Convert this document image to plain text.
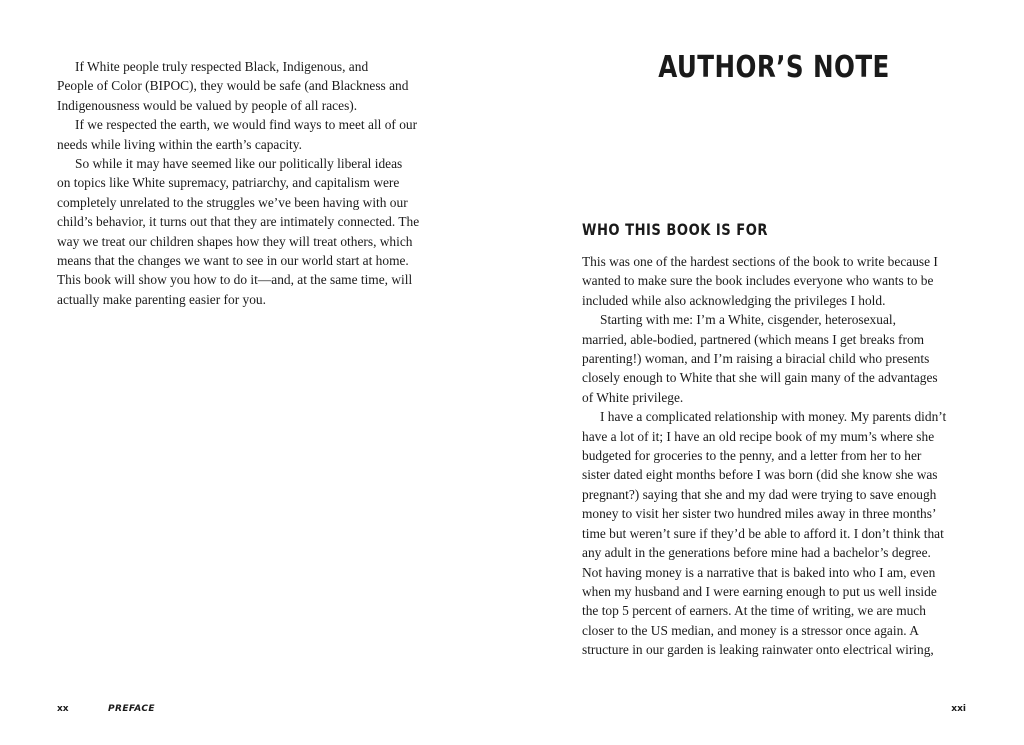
If White people truly respected Black, Indigenous, and
People of Color (BIPOC), they would be safe (and Blackness and
Indigenousness would be valued by people of all races).
If we respected the earth, we would find ways to meet all of our
needs while living within the earth’s capacity.
So while it may have seemed like our politically liberal ideas
on topics like White supremacy, patriarchy, and capitalism were
completely unrelated to the struggles we’ve been having with our
child’s behavior, it turns out that they are intimately connected. The
way we treat our children shapes how they will treat others, which
means that the changes we want to see in our world start at home.
This book will show you how to do it—and, at the same time, will
actually make parenting easier for you.
xx	PREFACE
AUTHOR’S NOTE
WHO THIS BOOK IS FOR
This was one of the hardest sections of the book to write because I
wanted to make sure the book includes everyone who wants to be
included while also acknowledging the privileges I hold.
Starting with me: I’m a White, cisgender, heterosexual,
married, able-bodied, partnered (which means I get breaks from
parenting!) woman, and I’m raising a biracial child who presents
closely enough to White that she will gain many of the advantages
of White privilege.
I have a complicated relationship with money. My parents didn’t
have a lot of it; I have an old recipe book of my mum’s where she
budgeted for groceries to the penny, and a letter from her to her
sister dated eight months before I was born (did she know she was
pregnant?) saying that she and my dad were trying to save enough
money to visit her sister two hundred miles away in three months’
time but weren’t sure if they’d be able to afford it. I don’t think that
any adult in the generations before mine had a bachelor’s degree.
Not having money is a narrative that is baked into who I am, even
when my husband and I were earning enough to put us well inside
the top 5 percent of earners. At the time of writing, we are much
closer to the US median, and money is a stressor once again. A
structure in our garden is leaking rainwater onto electrical wiring,
xxi
